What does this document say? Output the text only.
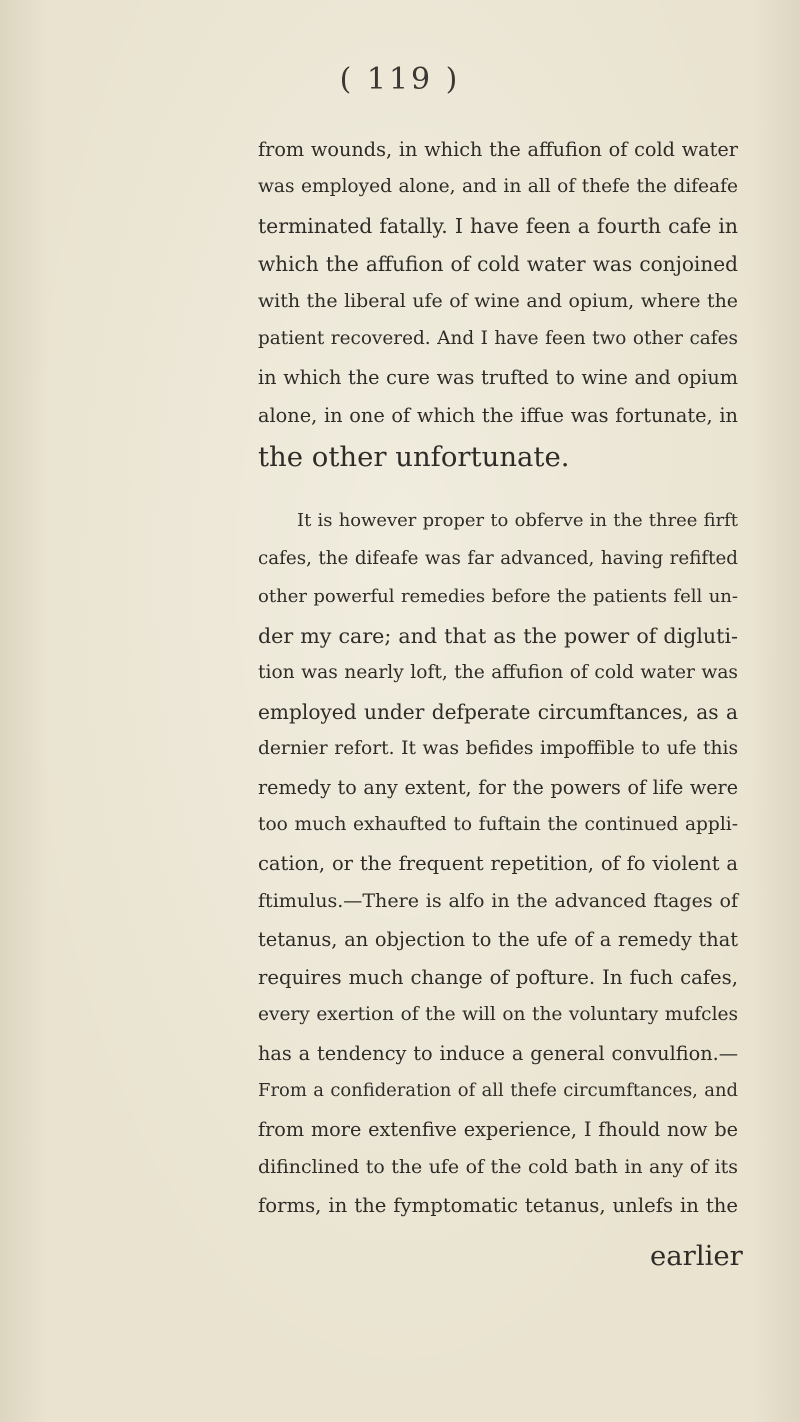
( 119 )
from wounds, in which the affufion of cold water
was employed alone, and in all of thefe the difeafe
terminated fatally. I have feen a fourth cafe in
which the affufion of cold water was conjoined
with the liberal ufe of wine and opium, where the
patient recovered. And I have feen two other cafes
in which the cure was trufted to wine and opium
alone, in one of which the iffue was fortunate, in
the other unfortunate.
It is however proper to obferve in the three firft
cafes, the difeafe was far advanced, having refifted
other powerful remedies before the patients fell un-
der my care; and that as the power of digluti-
tion was nearly loft, the affufion of cold water was
employed under defperate circumftances, as a
dernier refort. It was befides impoffible to ufe this
remedy to any extent, for the powers of life were
too much exhaufted to fuftain the continued appli-
cation, or the frequent repetition, of fo violent a
ftimulus.—There is alfo in the advanced ftages of
tetanus, an objection to the ufe of a remedy that
requires much change of pofture. In fuch cafes,
every exertion of the will on the voluntary mufcles
has a tendency to induce a general convulfion.—
From a confideration of all thefe circumftances, and
from more extenfive experience, I fhould now be
difinclined to the ufe of the cold bath in any of its
forms, in the fymptomatic tetanus, unlefs in the
earlier
